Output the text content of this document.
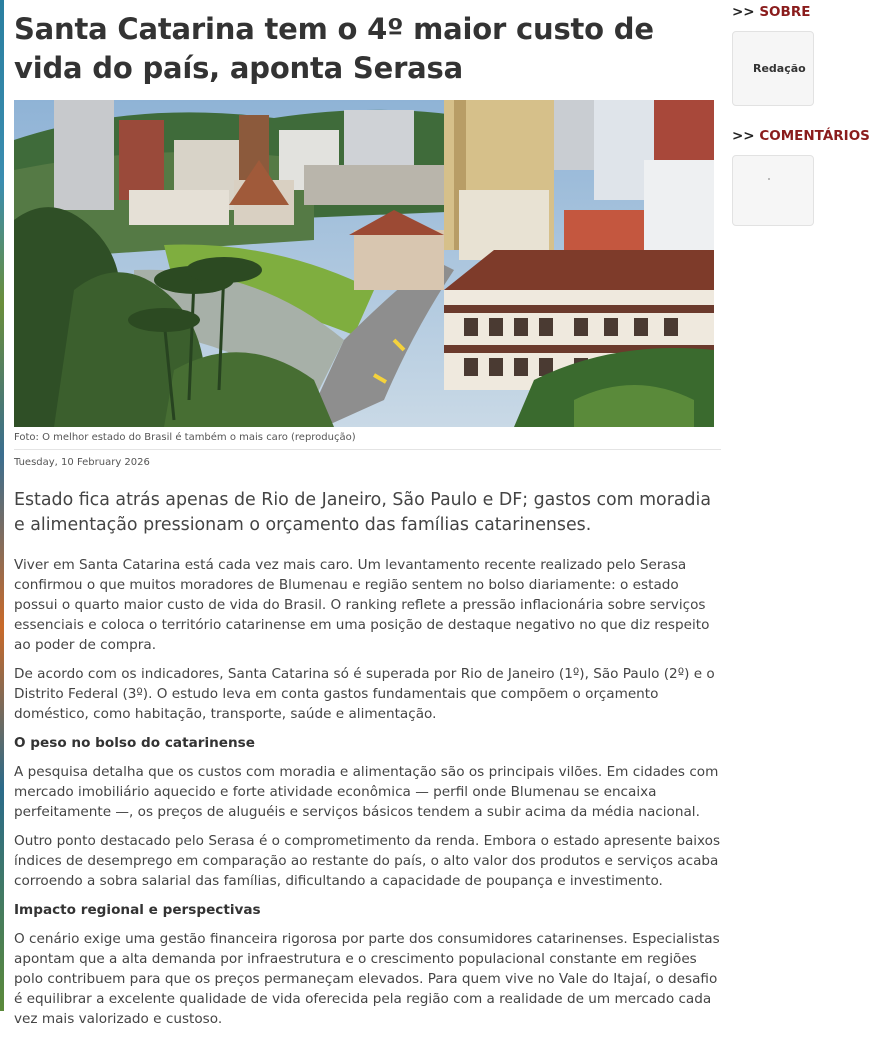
Santa Catarina tem o 4º maior custo de vida do país, aponta Serasa
Foto: O melhor estado do Brasil é também o mais caro (reprodução)
Tuesday, 10 February 2026

Estado fica atrás apenas de Rio de Janeiro, São Paulo e DF; gastos com moradia e alimentação pressionam o orçamento das famílias catarinenses.

Viver em Santa Catarina está cada vez mais caro. Um levantamento recente realizado pelo Serasa confirmou o que muitos moradores de Blumenau e região sentem no bolso diariamente: o estado possui o quarto maior custo de vida do Brasil. O ranking reflete a pressão inflacionária sobre serviços essenciais e coloca o território catarinense em uma posição de destaque negativo no que diz respeito ao poder de compra.

De acordo com os indicadores, Santa Catarina só é superada por Rio de Janeiro (1º), São Paulo (2º) e o Distrito Federal (3º). O estudo leva em conta gastos fundamentais que compõem o orçamento doméstico, como habitação, transporte, saúde e alimentação.

O peso no bolso do catarinense

A pesquisa detalha que os custos com moradia e alimentação são os principais vilões. Em cidades com mercado imobiliário aquecido e forte atividade econômica — perfil onde Blumenau se encaixa perfeitamente —, os preços de aluguéis e serviços básicos tendem a subir acima da média nacional.

Outro ponto destacado pelo Serasa é o comprometimento da renda. Embora o estado apresente baixos índices de desemprego em comparação ao restante do país, o alto valor dos produtos e serviços acaba corroendo a sobra salarial das famílias, dificultando a capacidade de poupança e investimento.

Impacto regional e perspectivas

O cenário exige uma gestão financeira rigorosa por parte dos consumidores catarinenses. Especialistas apontam que a alta demanda por infraestrutura e o crescimento populacional constante em regiões polo contribuem para que os preços permaneçam elevados. Para quem vive no Vale do Itajaí, o desafio é equilibrar a excelente qualidade de vida oferecida pela região com a realidade de um mercado cada vez mais valorizado e custoso.

>> SOBRE
Redação
>> COMENTÁRIOS
